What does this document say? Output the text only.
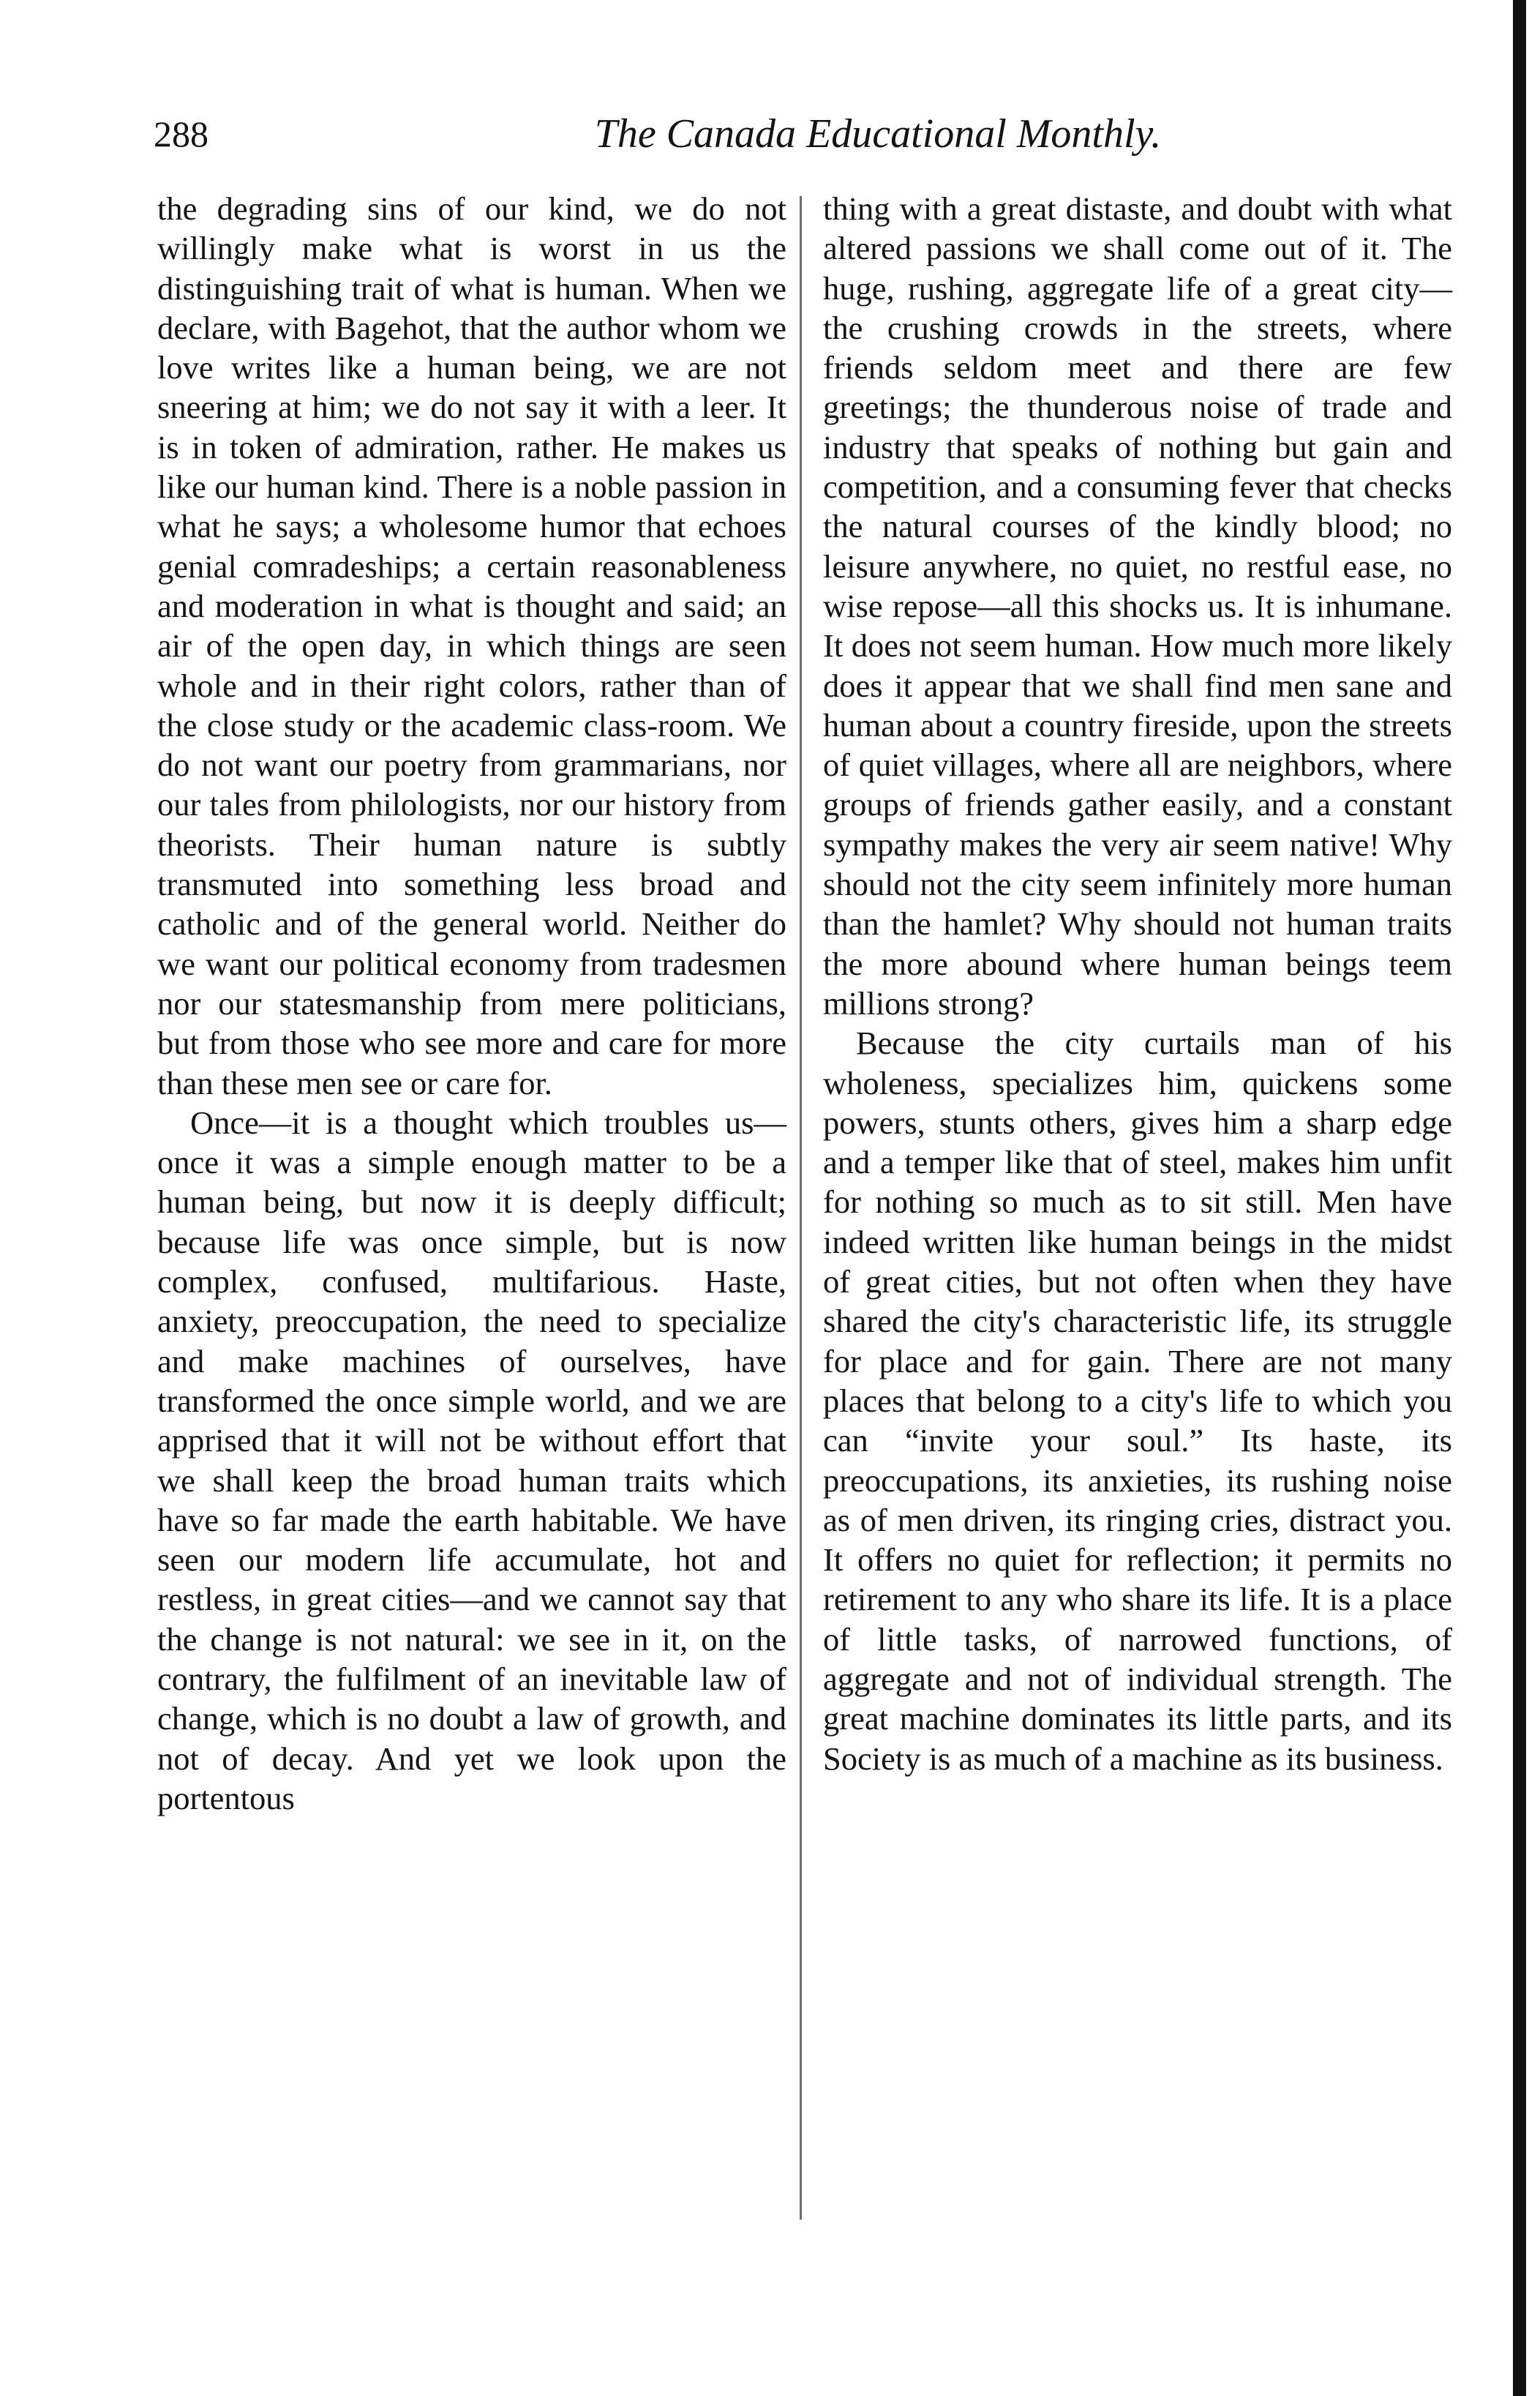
288	The Canada Educational Monthly.

the degrading sins of our kind, we do not willingly make what is worst in us the distinguishing trait of what is human. When we declare, with Bagehot, that the author whom we love writes like a human being, we are not sneering at him; we do not say it with a leer. It is in token of admiration, rather. He makes us like our human kind. There is a noble passion in what he says; a wholesome humor that echoes genial comradeships; a certain reasonableness and moderation in what is thought and said; an air of the open day, in which things are seen whole and in their right colors, rather than of the close study or the academic class-room. We do not want our poetry from grammarians, nor our tales from philologists, nor our history from theorists. Their human nature is subtly transmuted into something less broad and catholic and of the general world. Neither do we want our political economy from tradesmen nor our statesmanship from mere politicians, but from those who see more and care for more than these men see or care for.

Once—it is a thought which troubles us—once it was a simple enough matter to be a human being, but now it is deeply difficult; because life was once simple, but is now complex, confused, multifarious. Haste, anxiety, preoccupation, the need to specialize and make machines of ourselves, have transformed the once simple world, and we are apprised that it will not be without effort that we shall keep the broad human traits which have so far made the earth habitable. We have seen our modern life accumulate, hot and restless, in great cities—and we cannot say that the change is not natural: we see in it, on the contrary, the fulfilment of an inevitable law of change, which is no doubt a law of growth, and not of decay. And yet we look upon the portentous

thing with a great distaste, and doubt with what altered passions we shall come out of it. The huge, rushing, aggregate life of a great city—the crushing crowds in the streets, where friends seldom meet and there are few greetings; the thunderous noise of trade and industry that speaks of nothing but gain and competition, and a consuming fever that checks the natural courses of the kindly blood; no leisure anywhere, no quiet, no restful ease, no wise repose—all this shocks us. It is inhumane. It does not seem human. How much more likely does it appear that we shall find men sane and human about a country fireside, upon the streets of quiet villages, where all are neighbors, where groups of friends gather easily, and a constant sympathy makes the very air seem native! Why should not the city seem infinitely more human than the hamlet? Why should not human traits the more abound where human beings teem millions strong?

Because the city curtails man of his wholeness, specializes him, quickens some powers, stunts others, gives him a sharp edge and a temper like that of steel, makes him unfit for nothing so much as to sit still. Men have indeed written like human beings in the midst of great cities, but not often when they have shared the city's characteristic life, its struggle for place and for gain. There are not many places that belong to a city's life to which you can “invite your soul.” Its haste, its preoccupations, its anxieties, its rushing noise as of men driven, its ringing cries, distract you. It offers no quiet for reflection; it permits no retirement to any who share its life. It is a place of little tasks, of narrowed functions, of aggregate and not of individual strength. The great machine dominates its little parts, and its Society is as much of a machine as its business.
